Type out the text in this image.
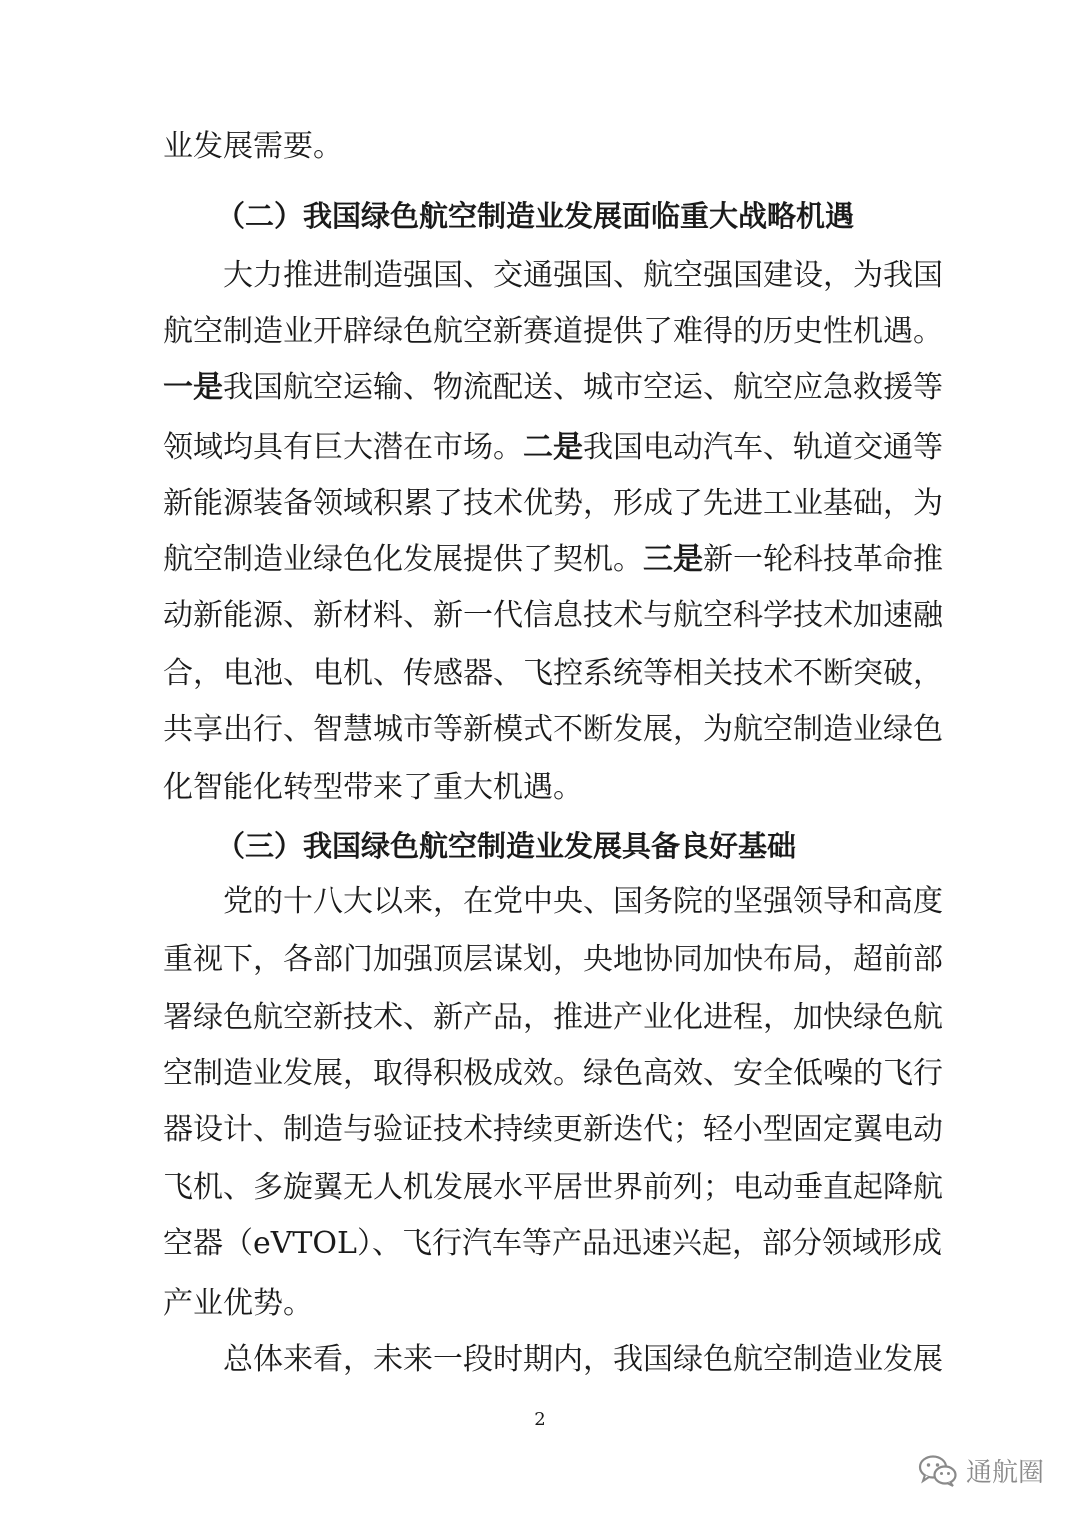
业发展需要。
（二）我国绿色航空制造业发展面临重大战略机遇
大力推进制造强国、交通强国、航空强国建设，为我国
航空制造业开辟绿色航空新赛道提供了难得的历史性机遇。
一是我国航空运输、物流配送、城市空运、航空应急救援等
领域均具有巨大潜在市场。二是我国电动汽车、轨道交通等
新能源装备领域积累了技术优势，形成了先进工业基础，为
航空制造业绿色化发展提供了契机。三是新一轮科技革命推
动新能源、新材料、新一代信息技术与航空科学技术加速融
合，电池、电机、传感器、飞控系统等相关技术不断突破，
共享出行、智慧城市等新模式不断发展，为航空制造业绿色
化智能化转型带来了重大机遇。
（三）我国绿色航空制造业发展具备良好基础
党的十八大以来，在党中央、国务院的坚强领导和高度
重视下，各部门加强顶层谋划，央地协同加快布局，超前部
署绿色航空新技术、新产品，推进产业化进程，加快绿色航
空制造业发展，取得积极成效。绿色高效、安全低噪的飞行
器设计、制造与验证技术持续更新迭代；轻小型固定翼电动
飞机、多旋翼无人机发展水平居世界前列；电动垂直起降航
空器（eVTOL）、飞行汽车等产品迅速兴起，部分领域形成
产业优势。
总体来看，未来一段时期内，我国绿色航空制造业发展
2
通航圈
